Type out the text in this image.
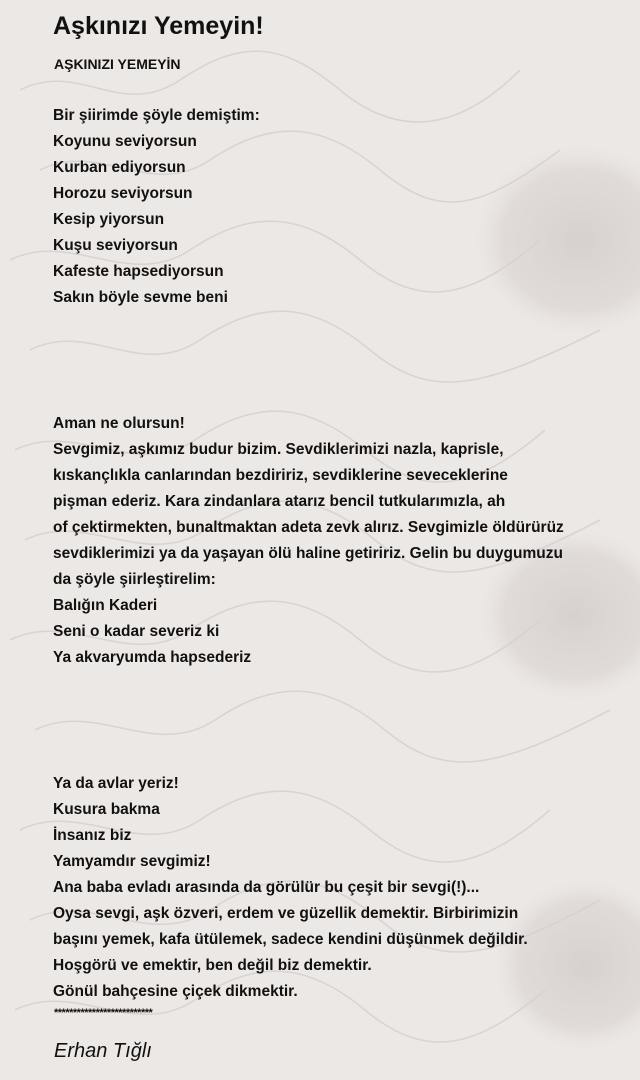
Aşkınızı Yemeyin!
AŞKINIZI YEMEYİN
Bir şiirimde şöyle demiştim:
Koyunu seviyorsun
Kurban ediyorsun
Horozu seviyorsun
Kesip yiyorsun
Kuşu seviyorsun
Kafeste hapsediyorsun
Sakın böyle sevme beni
Aman ne olursun!
Sevgimiz, aşkımız budur bizim. Sevdiklerimizi nazla, kaprisle,
kıskançlıkla canlarından bezdiririz, sevdiklerine seveceklerine
pişman ederiz. Kara zindanlara atarız bencil tutkularımızla, ah
of çektirmekten, bunaltmaktan adeta zevk alırız. Sevgimizle öldürürüz
sevdiklerimizi ya da yaşayan ölü haline getiririz. Gelin bu duygumuzu
da şöyle şiirleştirelim:
Balığın Kaderi
Seni o kadar severiz ki
Ya akvaryumda hapsederiz
Ya da avlar yeriz!
Kusura bakma
İnsanız biz
Yamyamdır sevgimiz!
Ana baba evladı arasında da görülür bu çeşit bir sevgi(!)...
Oysa sevgi, aşk özveri, erdem ve güzellik demektir. Birbirimizin
başını yemek, kafa ütülemek, sadece kendini düşünmek değildir.
Hoşgörü ve emektir, ben değil biz demektir.
Gönül bahçesine çiçek dikmektir.
**************************
Erhan Tığlı
